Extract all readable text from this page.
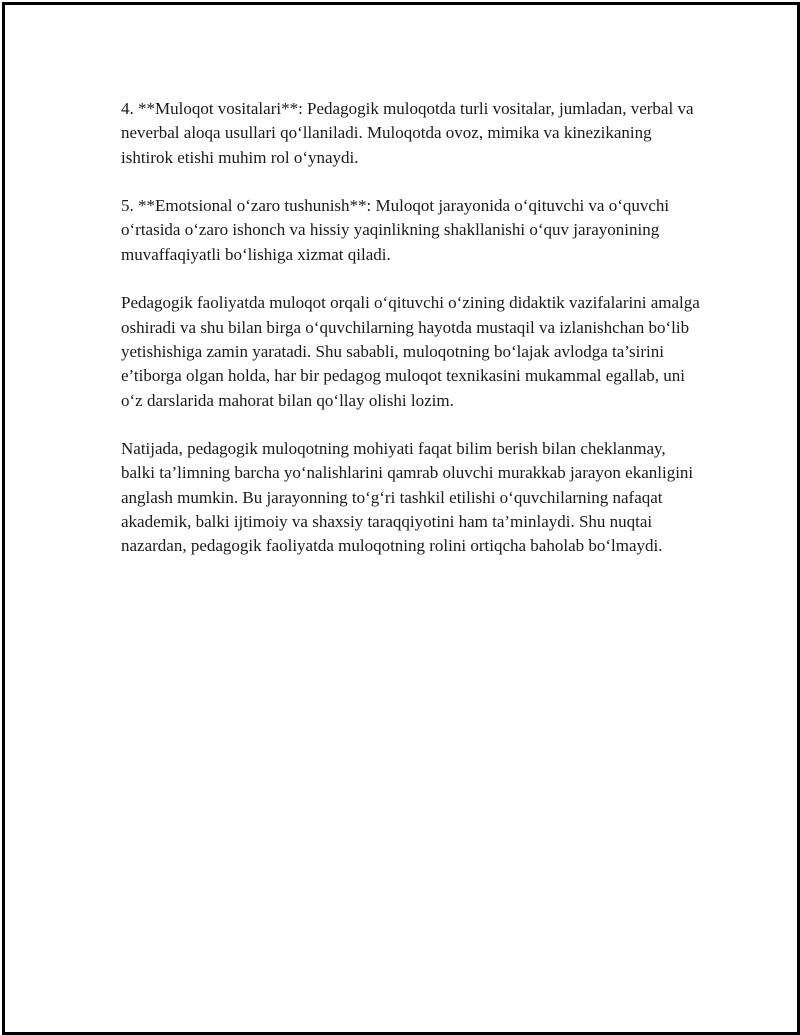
4. **Muloqot vositalari**: Pedagogik muloqotda turli vositalar, jumladan, verbal va neverbal aloqa usullari qo‘llaniladi. Muloqotda ovoz, mimika va kinezikaning ishtirok etishi muhim rol o‘ynaydi.

5. **Emotsional o‘zaro tushunish**: Muloqot jarayonida o‘qituvchi va o‘quvchi o‘rtasida o‘zaro ishonch va hissiy yaqinlikning shakllanishi o‘quv jarayonining muvaffaqiyatli bo‘lishiga xizmat qiladi.

Pedagogik faoliyatda muloqot orqali o‘qituvchi o‘zining didaktik vazifalarini amalga oshiradi va shu bilan birga o‘quvchilarning hayotda mustaqil va izlanishchan bo‘lib yetishishiga zamin yaratadi. Shu sababli, muloqotning bo‘lajak avlodga ta’sirini e’tiborga olgan holda, har bir pedagog muloqot texnikasini mukammal egallab, uni o‘z darslarida mahorat bilan qo‘llay olishi lozim.

Natijada, pedagogik muloqotning mohiyati faqat bilim berish bilan cheklanmay, balki ta’limning barcha yo‘nalishlarini qamrab oluvchi murakkab jarayon ekanligini anglash mumkin. Bu jarayonning to‘g‘ri tashkil etilishi o‘quvchilarning nafaqat akademik, balki ijtimoiy va shaxsiy taraqqiyotini ham ta’minlaydi. Shu nuqtai nazardan, pedagogik faoliyatda muloqotning rolini ortiqcha baholab bo‘lmaydi.
